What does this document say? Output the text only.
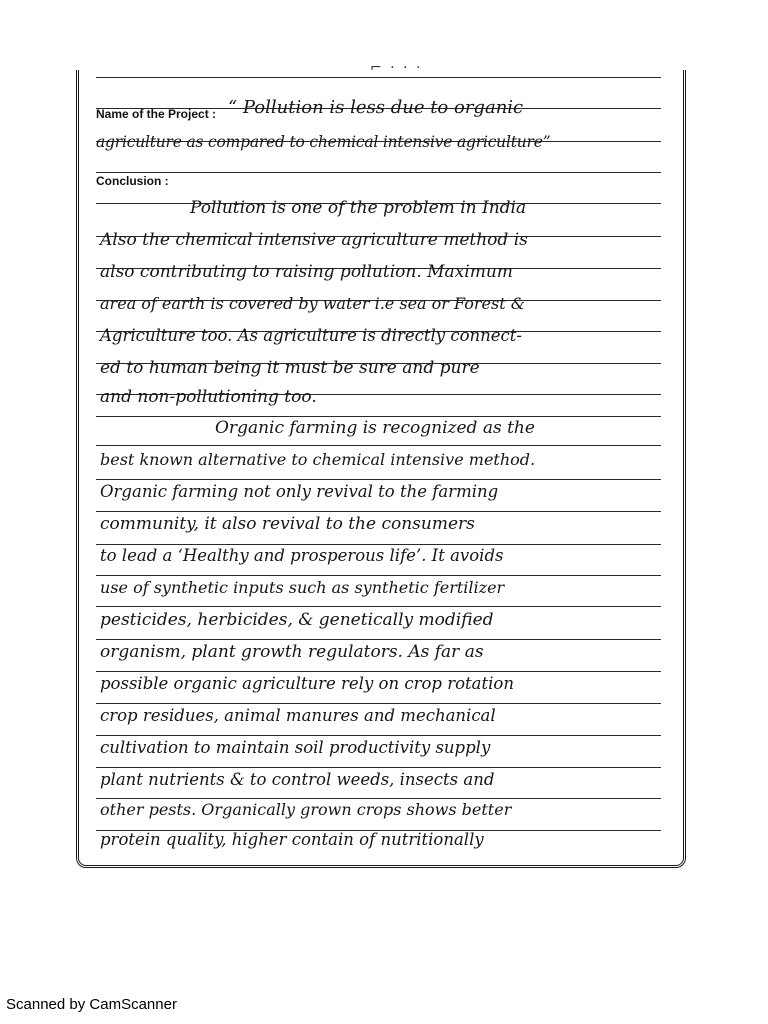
⌐ · · ·
Name of the Project :
Conclusion :
“ Pollution is less due to organic
agriculture as compared to chemical intensive agriculture”
Pollution is one of the problem in India
Also the chemical intensive agriculture method is
also contributing to raising pollution. Maximum
area of earth is covered by water i.e sea or Forest &
Agriculture too. As agriculture is directly connect-
ed to human being it must be sure and pure
and non-pollutioning too.
Organic farming is recognized as the
best known alternative to chemical intensive method.
Organic farming not only revival to the farming
community, it also revival to the consumers
to lead a ‘Healthy and prosperous life’. It avoids
use of synthetic inputs such as synthetic fertilizer
pesticides, herbicides, & genetically modified
organism, plant growth regulators. As far as
possible organic agriculture rely on crop rotation
crop residues, animal manures and mechanical
cultivation to maintain soil productivity supply
plant nutrients & to control weeds, insects and
other pests. Organically grown crops shows better
protein quality, higher contain of nutritionally
Scanned by CamScanner
